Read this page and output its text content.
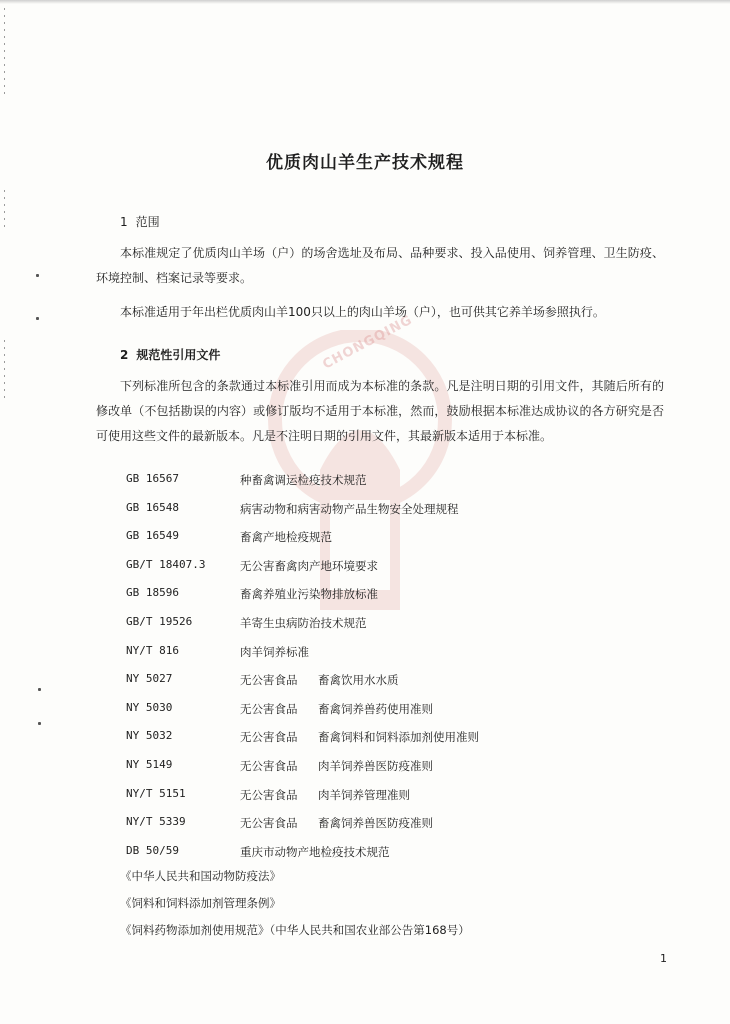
CHONGQING
优质肉山羊生产技术规程
1 范围
本标准规定了优质肉山羊场（户）的场舍选址及布局、品种要求、投入品使用、饲养管理、卫生防疫、环境控制、档案记录等要求。
本标准适用于年出栏优质肉山羊100只以上的肉山羊场（户），也可供其它养羊场参照执行。
2 规范性引用文件
下列标准所包含的条款通过本标准引用而成为本标准的条款。凡是注明日期的引用文件，其随后所有的修改单（不包括勘误的内容）或修订版均不适用于本标准，然而，鼓励根据本标准达成协议的各方研究是否可使用这些文件的最新版本。凡是不注明日期的引用文件，其最新版本适用于本标准。
GB 16567	种畜禽调运检疫技术规范
GB 16548	病害动物和病害动物产品生物安全处理规程
GB 16549	畜禽产地检疫规范
GB/T 18407.3	无公害畜禽肉产地环境要求
GB 18596	畜禽养殖业污染物排放标准
GB/T 19526	羊寄生虫病防治技术规范
NY/T 816	肉羊饲养标准
NY 5027	无公害食品 畜禽饮用水水质
NY 5030	无公害食品 畜禽饲养兽药使用准则
NY 5032	无公害食品 畜禽饲料和饲料添加剂使用准则
NY 5149	无公害食品 肉羊饲养兽医防疫准则
NY/T 5151	无公害食品 肉羊饲养管理准则
NY/T 5339	无公害食品 畜禽饲养兽医防疫准则
DB 50/59	重庆市动物产地检疫技术规范
《中华人民共和国动物防疫法》
《饲料和饲料添加剂管理条例》
《饲料药物添加剂使用规范》（中华人民共和国农业部公告第168号）
1
